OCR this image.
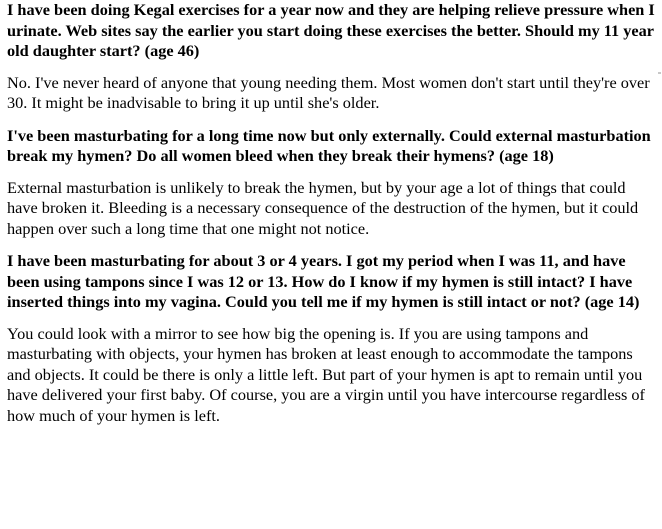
I have been doing Kegal exercises for a year now and they are helping relieve pressure when I urinate. Web sites say the earlier you start doing these exercises the better. Should my 11 year old daughter start? (age 46)

No. I've never heard of anyone that young needing them. Most women don't start until they're over 30. It might be inadvisable to bring it up until she's older.

I've been masturbating for a long time now but only externally. Could external masturbation break my hymen? Do all women bleed when they break their hymens? (age 18)

External masturbation is unlikely to break the hymen, but by your age a lot of things that could have broken it. Bleeding is a necessary consequence of the destruction of the hymen, but it could happen over such a long time that one might not notice.

I have been masturbating for about 3 or 4 years. I got my period when I was 11, and have been using tampons since I was 12 or 13. How do I know if my hymen is still intact? I have inserted things into my vagina. Could you tell me if my hymen is still intact or not? (age 14)

You could look with a mirror to see how big the opening is. If you are using tampons and masturbating with objects, your hymen has broken at least enough to accommodate the tampons and objects. It could be there is only a little left. But part of your hymen is apt to remain until you have delivered your first baby. Of course, you are a virgin until you have intercourse regardless of how much of your hymen is left.
